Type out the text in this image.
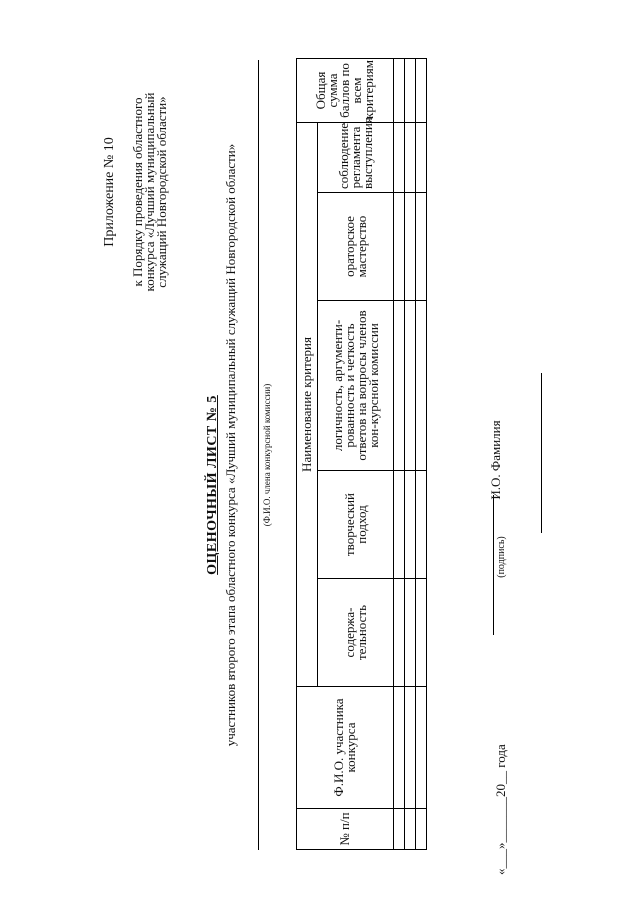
Приложение № 10 к Порядку проведения областного
конкурса «Лучший муниципальный
служащий Новгородской области»
ОЦЕНОЧНЫЙ ЛИСТ № 5 участников второго этапа областного конкурса «Лучший муниципальный служащий Новгородской области»	(Ф.И.О. члена конкурсной комиссии)
№ п/п	Ф.И.О. участника конкурса	Наименование критерия					Общая сумма баллов по всем критериям
		содержа-тельность	творческий подход	логичность, аргументи-рованность и четкость ответов на вопросы членов кон-курсной комиссии	ораторское мастерство	соблюдение регламента выступления	

«___»_______20__ года
(подпись)
И.О. Фамилия
